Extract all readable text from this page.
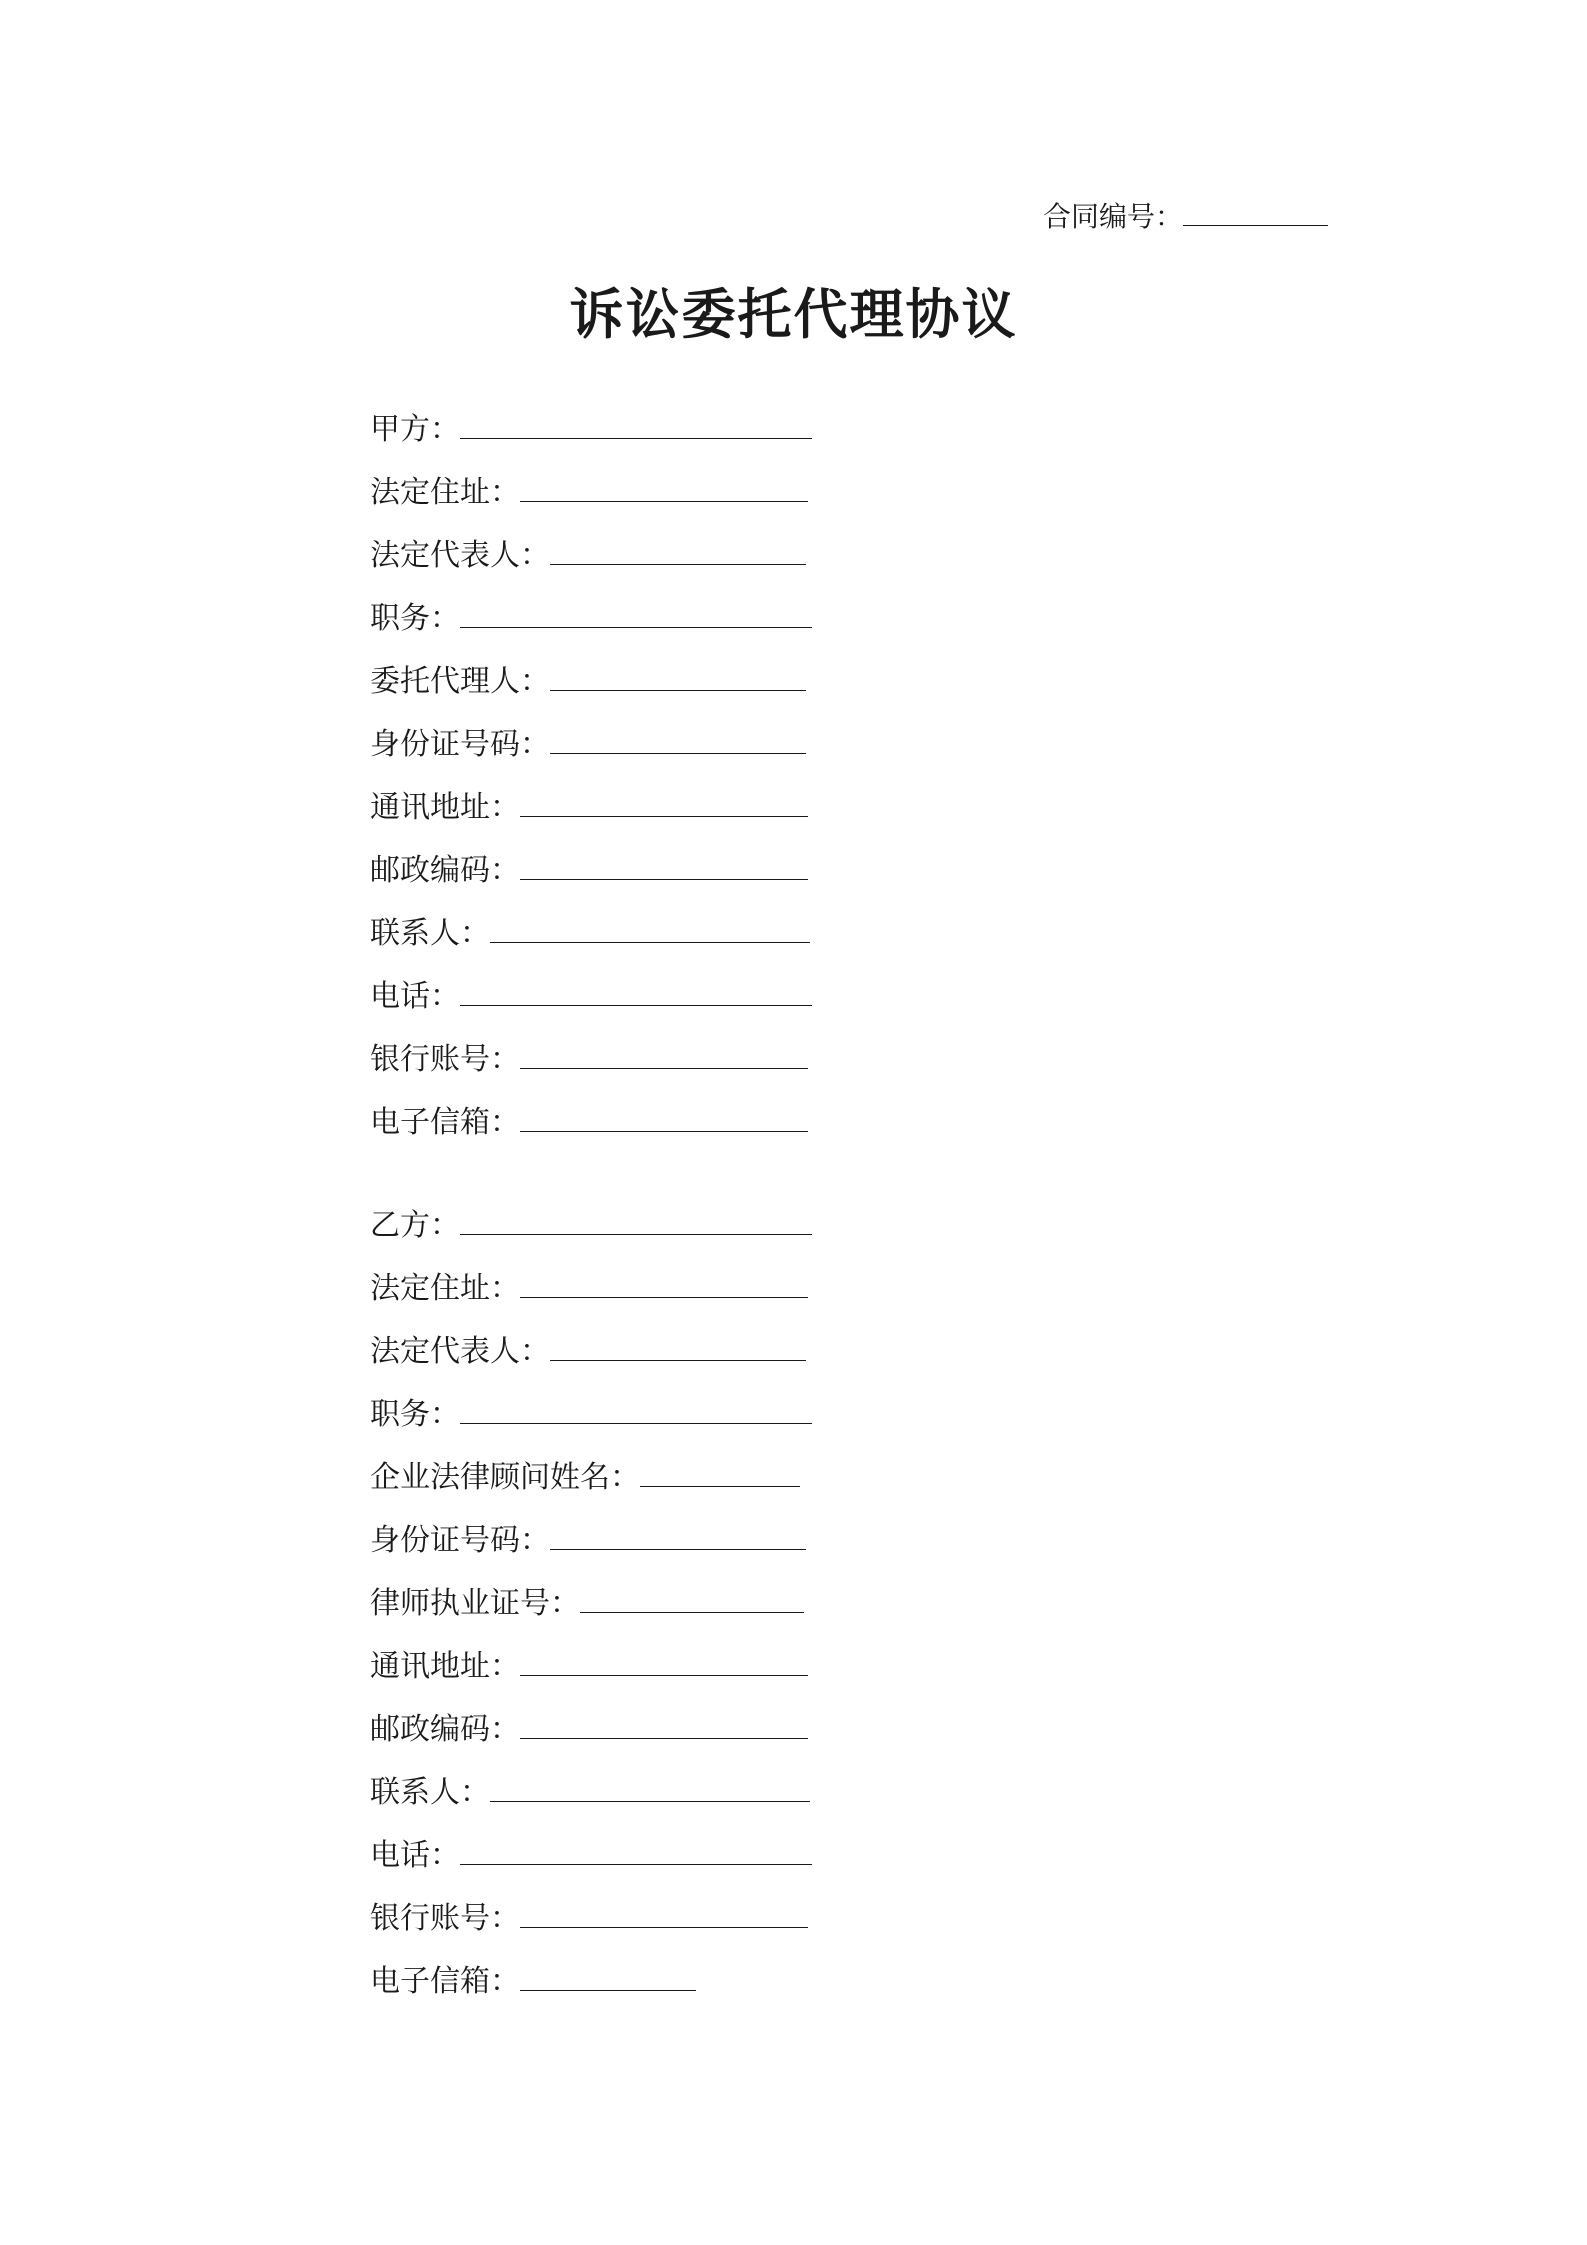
合同编号：
诉讼委托代理协议
甲方：
法定住址：
法定代表人：
职务：
委托代理人：
身份证号码：
通讯地址：
邮政编码：
联系人：
电话：
银行账号：
电子信箱：
乙方：
法定住址：
法定代表人：
职务：
企业法律顾问姓名：
身份证号码：
律师执业证号：
通讯地址：
邮政编码：
联系人：
电话：
银行账号：
电子信箱：
